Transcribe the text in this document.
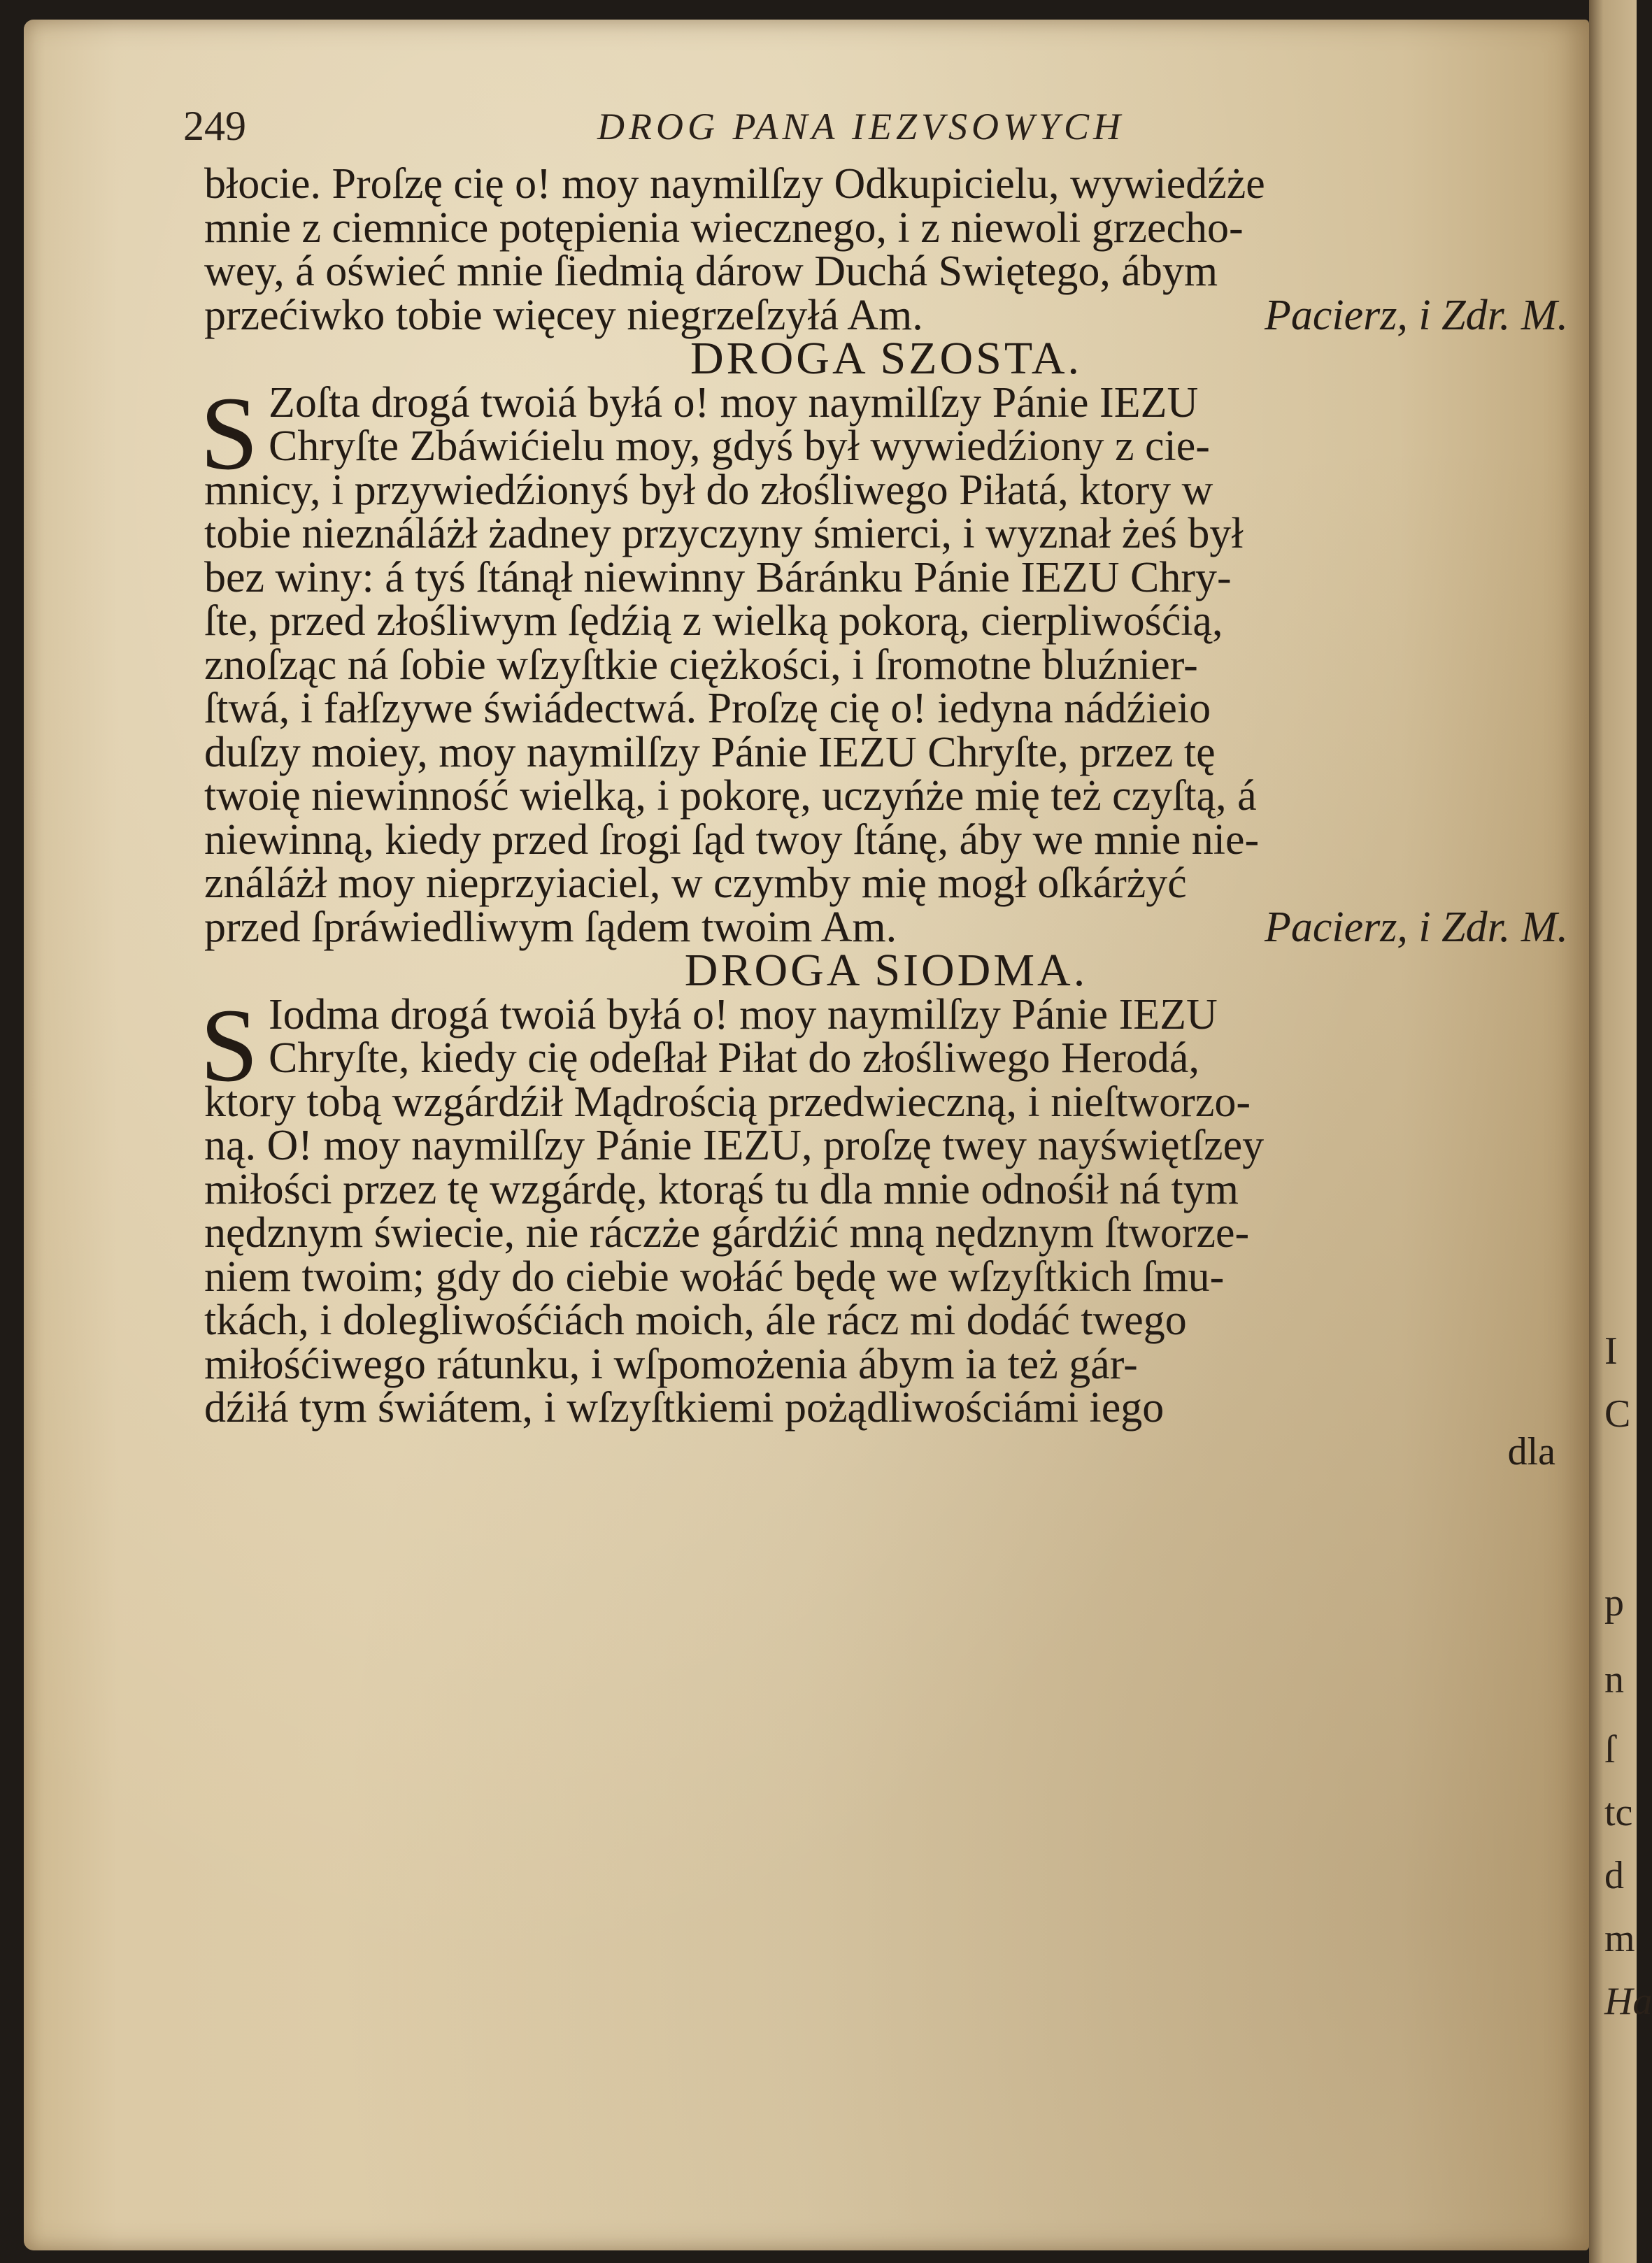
249	DROG PANA IEZVSOWYCH
błocie. Proſzę cię o! moy naymilſzy Odkupicielu, wywiedźże
mnie z ciemnice potępienia wiecznego, i z niewoli grzecho-
wey, á oświeć mnie ſiedmią dárow Duchá Swiętego, ábym
przećiwko tobie więcey niegrzeſzyłá Am.	Pacierz, i Zdr. M.
DROGA SZOSTA.
S Zoſta drogá twoiá byłá o! moy naymilſzy Pánie IEZU
Chryſte Zbáwićielu moy, gdyś był wywiedźiony z cie-
mnicy, i przywiedźionyś był do złośliwego Piłatá, ktory w
tobie nieználáżł żadney przyczyny śmierci, i wyznał żeś był
bez winy: á tyś ſtánął niewinny Báránku Pánie IEZU Chry-
ſte, przed złośliwym ſędźią z wielką pokorą, cierpliwośćią,
znoſząc ná ſobie wſzyſtkie ciężkości, i ſromotne bluźnier-
ſtwá, i fałſzywe świádectwá. Proſzę cię o! iedyna nádźieio
duſzy moiey, moy naymilſzy Pánie IEZU Chryſte, przez tę
twoię niewinność wielką, i pokorę, uczyńże mię też czyſtą, á
niewinną, kiedy przed ſrogi ſąd twoy ſtánę, áby we mnie nie-
ználáżł moy nieprzyiaciel, w czymby mię mogł oſkárżyć
przed ſpráwiedliwym ſądem twoim Am.	Pacierz, i Zdr. M.
DROGA SIODMA.
S Iodma drogá twoiá byłá o! moy naymilſzy Pánie IEZU
Chryſte, kiedy cię odeſłał Piłat do złośliwego Herodá,
ktory tobą wzgárdźił Mądrością przedwieczną, i nieſtworzo-
ną. O! moy naymilſzy Pánie IEZU, proſzę twey nayświętſzey
miłości przez tę wzgárdę, ktorąś tu dla mnie odnośił ná tym
nędznym świecie, nie ráczże gárdźić mną nędznym ſtworze-
niem twoim; gdy do ciebie wołáć będę we wſzyſtkich ſmu-
tkách, i dolegliwośćiách moich, ále rácz mi dodáć twego
miłośćiwego rátunku, i wſpomożenia ábym ia też gár-
dźiłá tym świátem, i wſzyſtkiemi pożądliwościámi iego
dla
I
C
p
n
ſ
tc
d
m
Ha
